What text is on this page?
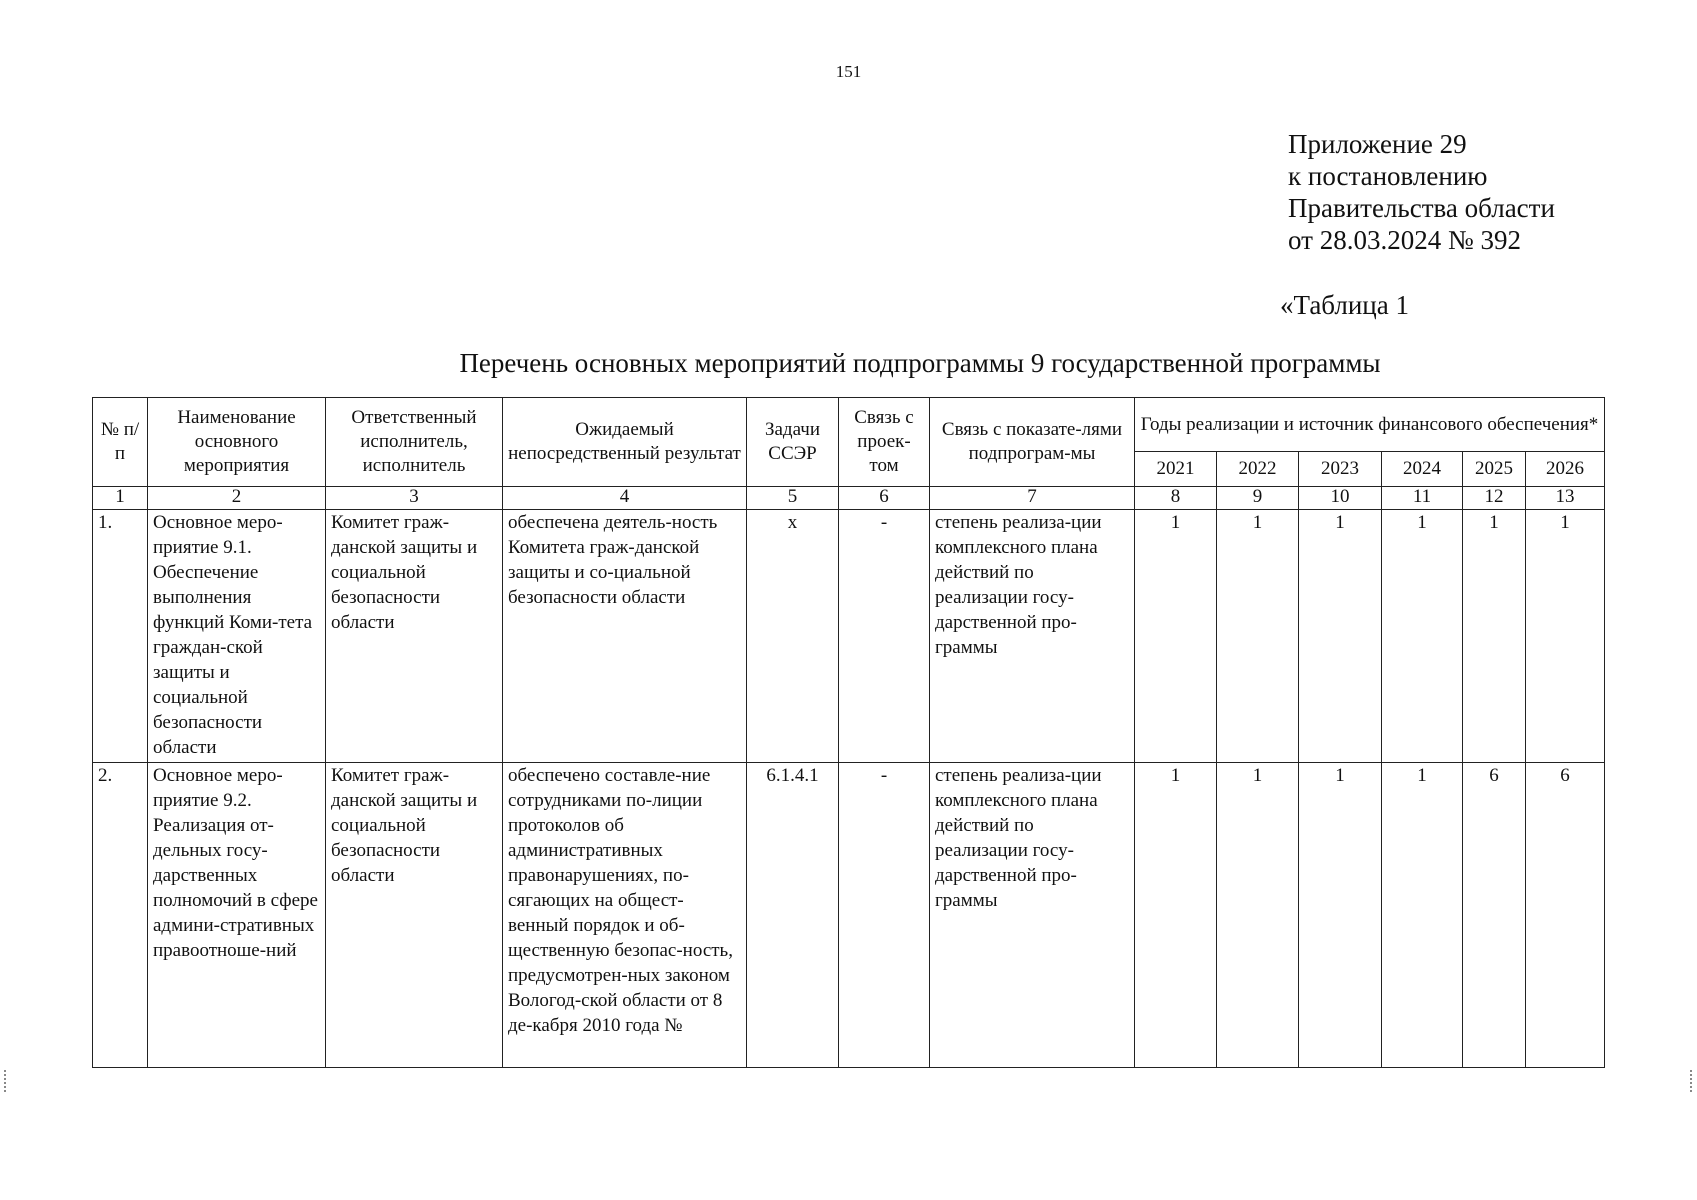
151
Приложение 29
к постановлению
Правительства области
от 28.03.2024 № 392
«Таблица 1
Перечень основных мероприятий подпрограммы 9 государственной программы
№ п/п	Наименование основного мероприятия	Ответственный исполнитель, исполнитель	Ожидаемый непосредственный результат	Задачи ССЭР	Связь с проек-том	Связь с показате-лями подпрограм-мы	Годы реализации и источник финансового обеспечения*					
							2021	2022	2023	2024	2025	2026
1	2	3	4	5	6	7	8	9	10	11	12	13
1.	Основное меро-приятие 9.1. Обеспечение выполнения функций Коми-тета граждан-ской защиты и социальной безопасности области	Комитет граж-данской защиты и социальной безопасности области	обеспечена деятель-ность Комитета граж-данской защиты и со-циальной безопасности области	х	-	степень реализа-ции комплексного плана действий по реализации госу-дарственной про-граммы	1	1	1	1	1	1
2.	Основное меро-приятие 9.2. Реализация от-дельных госу-дарственных полномочий в сфере админи-стративных правоотноше-ний	Комитет граж-данской защиты и социальной безопасности области	обеспечено составле-ние сотрудниками по-лиции протоколов об административных правонарушениях, по-сягающих на общест-венный порядок и об-щественную безопас-ность, предусмотрен-ных законом Вологод-ской области от 8 де-кабря 2010 года №	6.1.4.1	-	степень реализа-ции комплексного плана действий по реализации госу-дарственной про-граммы	1	1	1	1	6	6
